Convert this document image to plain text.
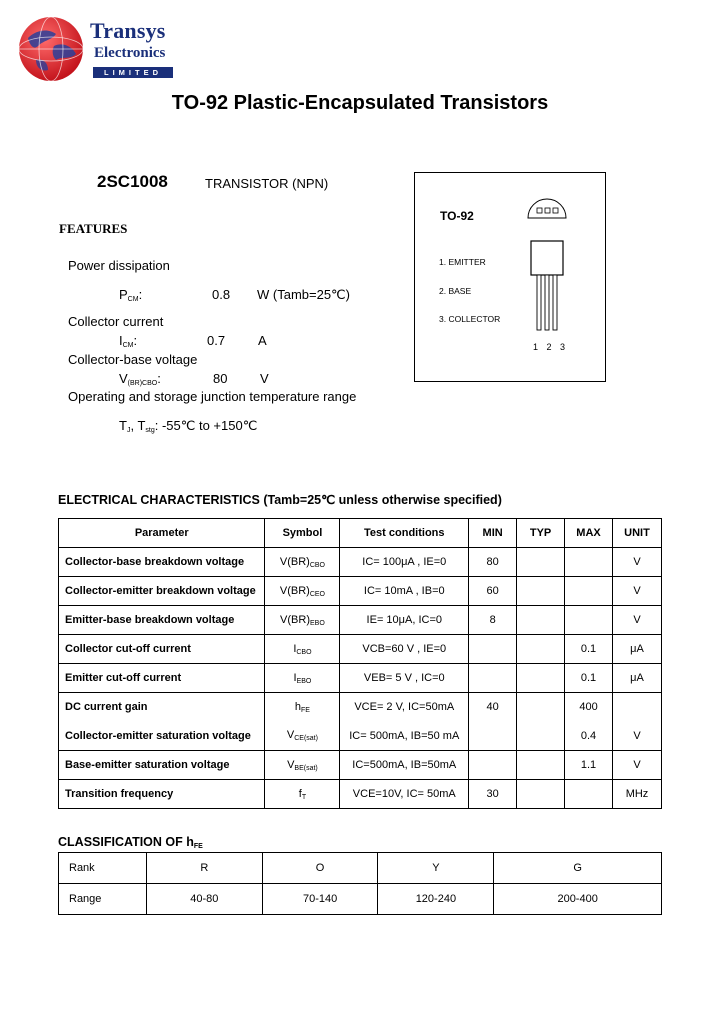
Transys
Electronics
LIMITED
TO-92 Plastic-Encapsulated Transistors
2SC1008	TRANSISTOR (NPN)
FEATURES
Power dissipation
$P_{CM}$:	0.8 W (Tamb=25℃)
Collector current
$I_{CM}$:	0.7	A
Collector-base voltage
$V_{(BR)CBO}$:	80	V
Operating and storage junction temperature range
$T_J$, $T_{stg}$: -55℃ to +150℃
TO-92
1. EMITTER
2. BASE
3. COLLECTOR
1 2 3
ELECTRICAL CHARACTERISTICS (Tamb=25℃ unless otherwise specified)
Parameter	Symbol	Test conditions	MIN	TYP	MAX	UNIT
Collector-base breakdown voltage	$V(BR)_{CBO}$	IC= 100μA , IE=0	80			V
Collector-emitter breakdown voltage	$V(BR)_{CEO}$	IC= 10mA , IB=0	60			V
Emitter-base breakdown voltage	$V(BR)_{EBO}$	IE= 10μA, IC=0	8			V
Collector cut-off current	$I_{CBO}$	VCB=60 V , IE=0			0.1	μA
Emitter cut-off current	$I_{EBO}$	VEB= 5 V , IC=0			0.1	μA
DC current gain	$h_{FE}$	VCE= 2 V, IC=50mA	40		400	
Collector-emitter saturation voltage	$V_{CE(sat)}$	IC= 500mA, IB=50 mA			0.4	V
Base-emitter saturation voltage	$V_{BE(sat)}$	IC=500mA, IB=50mA			1.1	V
Transition frequency	$f_T$	VCE=10V, IC= 50mA	30			MHz
CLASSIFICATION OF $h_{FE}$
Rank	R	O	Y	G
Range	40-80	70-140	120-240	200-400
